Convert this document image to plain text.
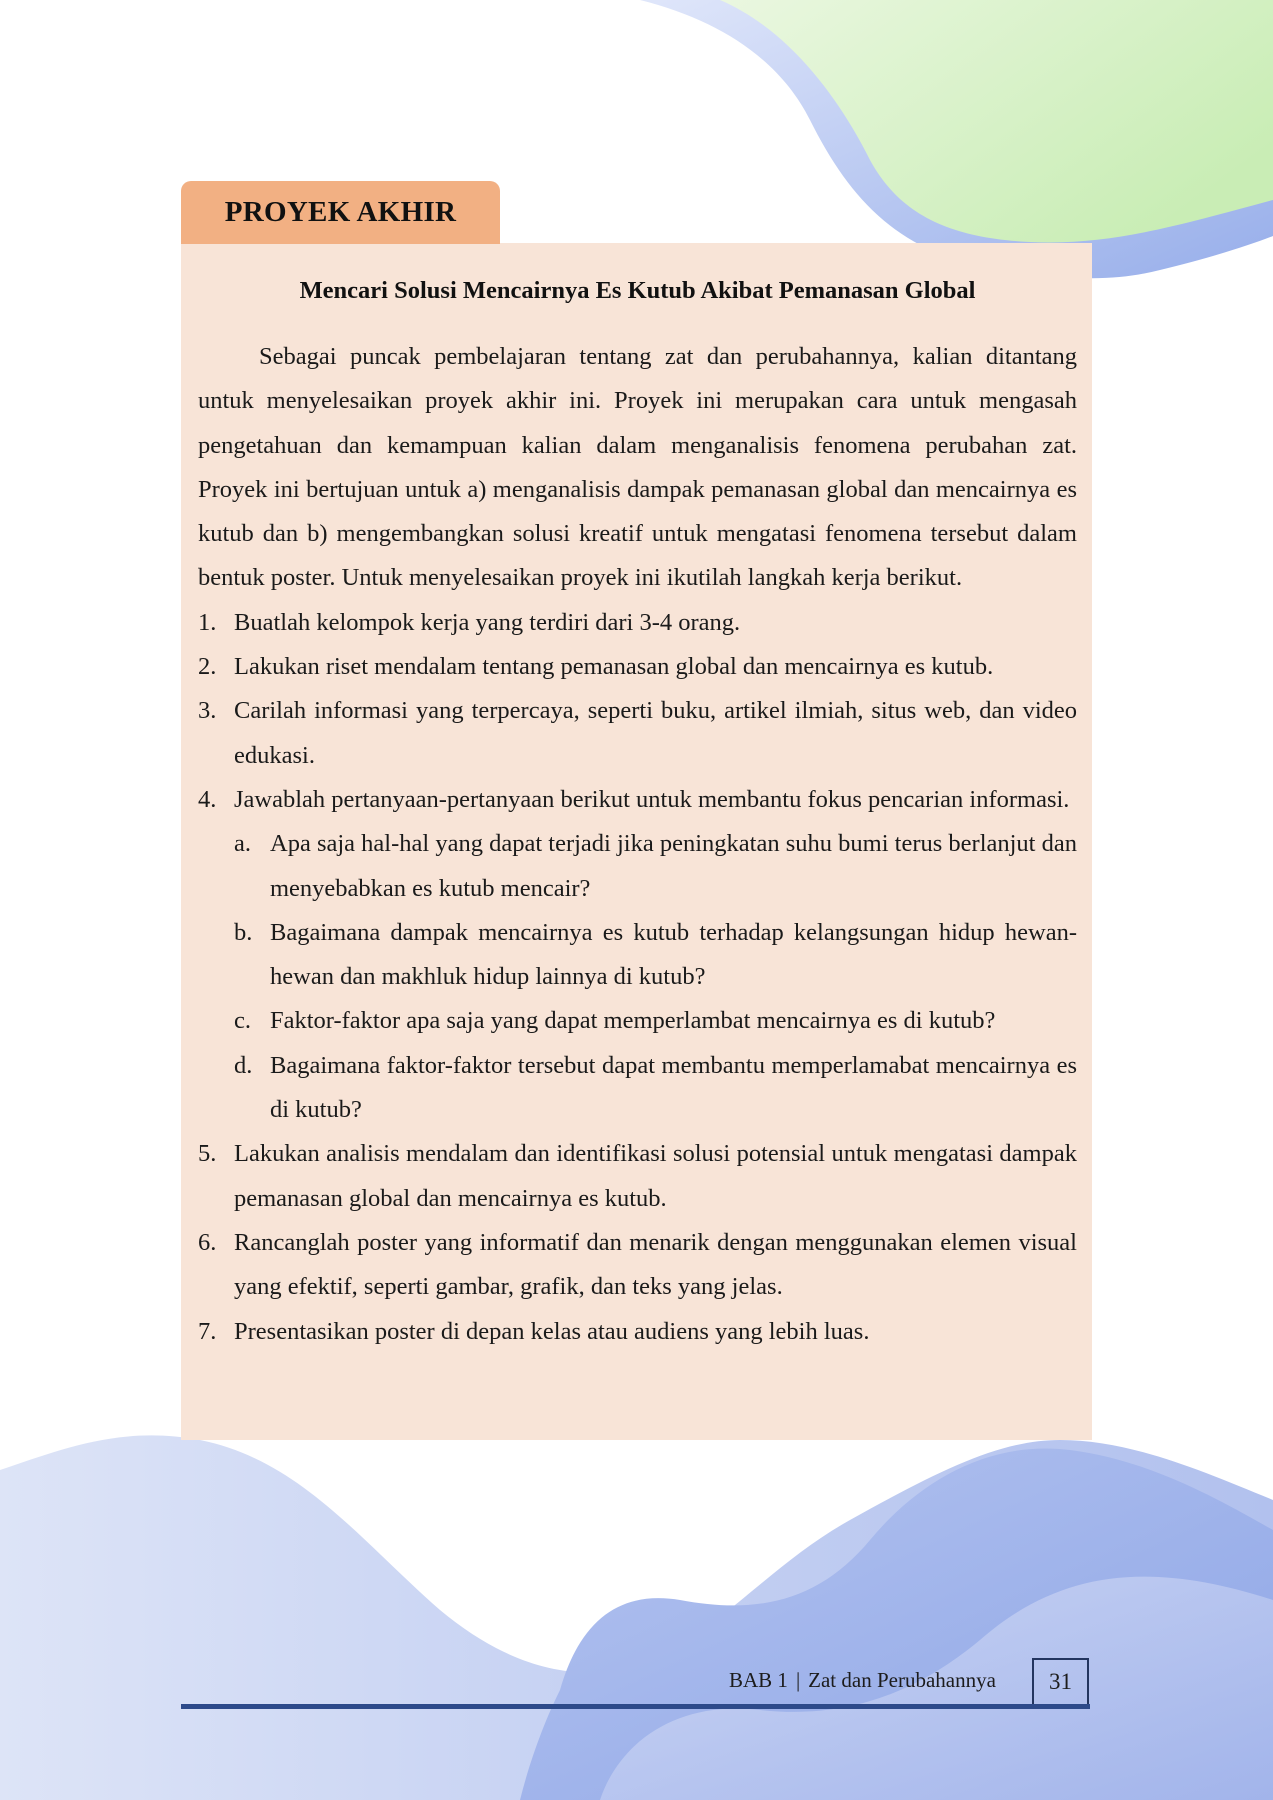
PROYEK AKHIR
Mencari Solusi Mencairnya Es Kutub Akibat Pemanasan Global

Sebagai puncak pembelajaran tentang zat dan perubahannya, kalian ditantang untuk menyelesaikan proyek akhir ini. Proyek ini merupakan cara untuk mengasah pengetahuan dan kemampuan kalian dalam menganalisis fenomena perubahan zat. Proyek ini bertujuan untuk a) menganalisis dampak pemanasan global dan mencairnya es kutub dan b) mengembangkan solusi kreatif untuk mengatasi fenomena tersebut dalam bentuk poster. Untuk menyelesaikan proyek ini ikutilah langkah kerja berikut.

1. Buatlah kelompok kerja yang terdiri dari 3-4 orang.
2. Lakukan riset mendalam tentang pemanasan global dan mencairnya es kutub.
3. Carilah informasi yang terpercaya, seperti buku, artikel ilmiah, situs web, dan video edukasi.
4. Jawablah pertanyaan-pertanyaan berikut untuk membantu fokus pencarian informasi.
a. Apa saja hal-hal yang dapat terjadi jika peningkatan suhu bumi terus berlanjut dan menyebabkan es kutub mencair?
b. Bagaimana dampak mencairnya es kutub terhadap kelangsungan hidup hewan-hewan dan makhluk hidup lainnya di kutub?
c. Faktor-faktor apa saja yang dapat memperlambat mencairnya es di kutub?
d. Bagaimana faktor-faktor tersebut dapat membantu memperlamabat mencairnya es di kutub?
5. Lakukan analisis mendalam dan identifikasi solusi potensial untuk mengatasi dampak pemanasan global dan mencairnya es kutub.
6. Rancanglah poster yang informatif dan menarik dengan menggunakan elemen visual yang efektif, seperti gambar, grafik, dan teks yang jelas.
7. Presentasikan poster di depan kelas atau audiens yang lebih luas.
BAB 1 | Zat dan Perubahannya 31
